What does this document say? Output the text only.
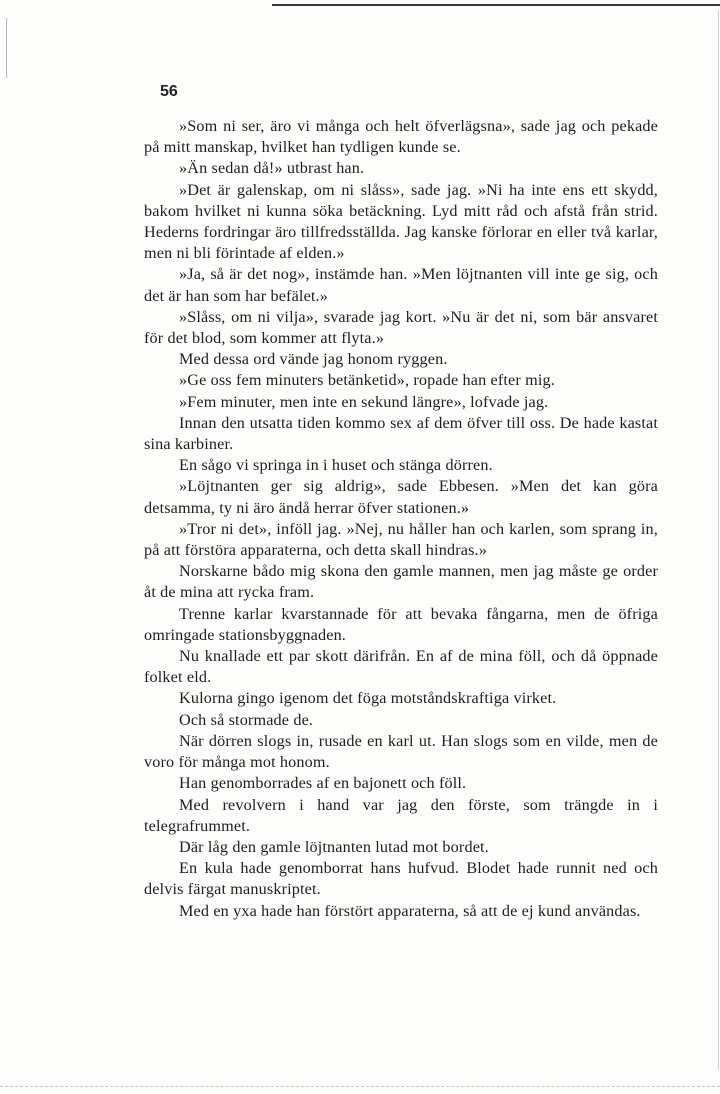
56

»Som ni ser, äro vi många och helt öfverlägsna», sade jag och pekade på mitt manskap, hvilket han tydligen kunde se.

»Än sedan då!» utbrast han.

»Det är galenskap, om ni slåss», sade jag. »Ni ha inte ens ett skydd, bakom hvilket ni kunna söka betäckning. Lyd mitt råd och afstå från strid. Hederns fordringar äro tillfredsställda. Jag kanske förlorar en eller två karlar, men ni bli förintade af elden.»

»Ja, så är det nog», instämde han. »Men löjtnanten vill inte ge sig, och det är han som har befälet.»

»Slåss, om ni vilja», svarade jag kort. »Nu är det ni, som bär ansvaret för det blod, som kommer att flyta.»

Med dessa ord vände jag honom ryggen.

»Ge oss fem minuters betänketid», ropade han efter mig.

»Fem minuter, men inte en sekund längre», lofvade jag.

Innan den utsatta tiden kommo sex af dem öfver till oss. De hade kastat sina karbiner.

En sågo vi springa in i huset och stänga dörren.

»Löjtnanten ger sig aldrig», sade Ebbesen. »Men det kan göra detsamma, ty ni äro ändå herrar öfver stationen.»

»Tror ni det», inföll jag. »Nej, nu håller han och karlen, som sprang in, på att förstöra apparaterna, och detta skall hindras.»

Norskarne bådo mig skona den gamle mannen, men jag måste ge order åt de mina att rycka fram.

Trenne karlar kvarstannade för att bevaka fångarna, men de öfriga omringade stationsbyggnaden.

Nu knallade ett par skott därifrån. En af de mina föll, och då öppnade folket eld.

Kulorna gingo igenom det föga motståndskraftiga virket.

Och så stormade de.

När dörren slogs in, rusade en karl ut. Han slogs som en vilde, men de voro för många mot honom.

Han genomborrades af en bajonett och föll.

Med revolvern i hand var jag den förste, som trängde in i telegrafrummet.

Där låg den gamle löjtnanten lutad mot bordet.

En kula hade genomborrat hans hufvud. Blodet hade runnit ned och delvis färgat manuskriptet.

Med en yxa hade han förstört apparaterna, så att de ej kund användas.
